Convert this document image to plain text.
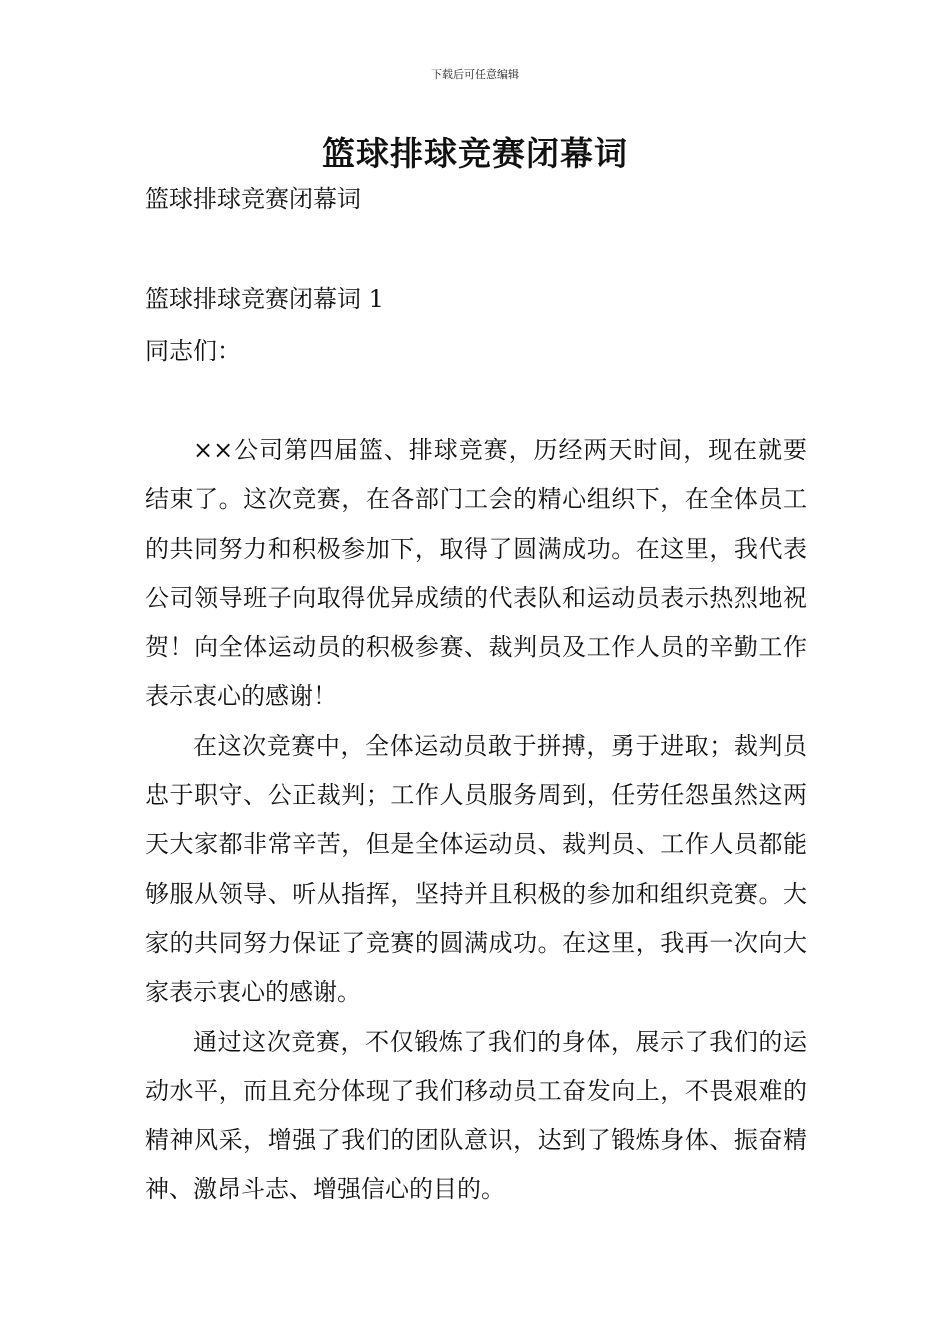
下载后可任意编辑
篮球排球竞赛闭幕词
篮球排球竞赛闭幕词
篮球排球竞赛闭幕词 1
同志们：

××公司第四届篮、排球竞赛，历经两天时间，现在就要结束了。这次竞赛，在各部门工会的精心组织下，在全体员工的共同努力和积极参加下，取得了圆满成功。在这里，我代表公司领导班子向取得优异成绩的代表队和运动员表示热烈地祝贺！向全体运动员的积极参赛、裁判员及工作人员的辛勤工作表示衷心的感谢！

在这次竞赛中，全体运动员敢于拼搏，勇于进取；裁判员忠于职守、公正裁判；工作人员服务周到，任劳任怨虽然这两天大家都非常辛苦，但是全体运动员、裁判员、工作人员都能够服从领导、听从指挥，坚持并且积极的参加和组织竞赛。大家的共同努力保证了竞赛的圆满成功。在这里，我再一次向大家表示衷心的感谢。

通过这次竞赛，不仅锻炼了我们的身体，展示了我们的运动水平，而且充分体现了我们移动员工奋发向上，不畏艰难的精神风采，增强了我们的团队意识，达到了锻炼身体、振奋精神、激昂斗志、增强信心的目的。
